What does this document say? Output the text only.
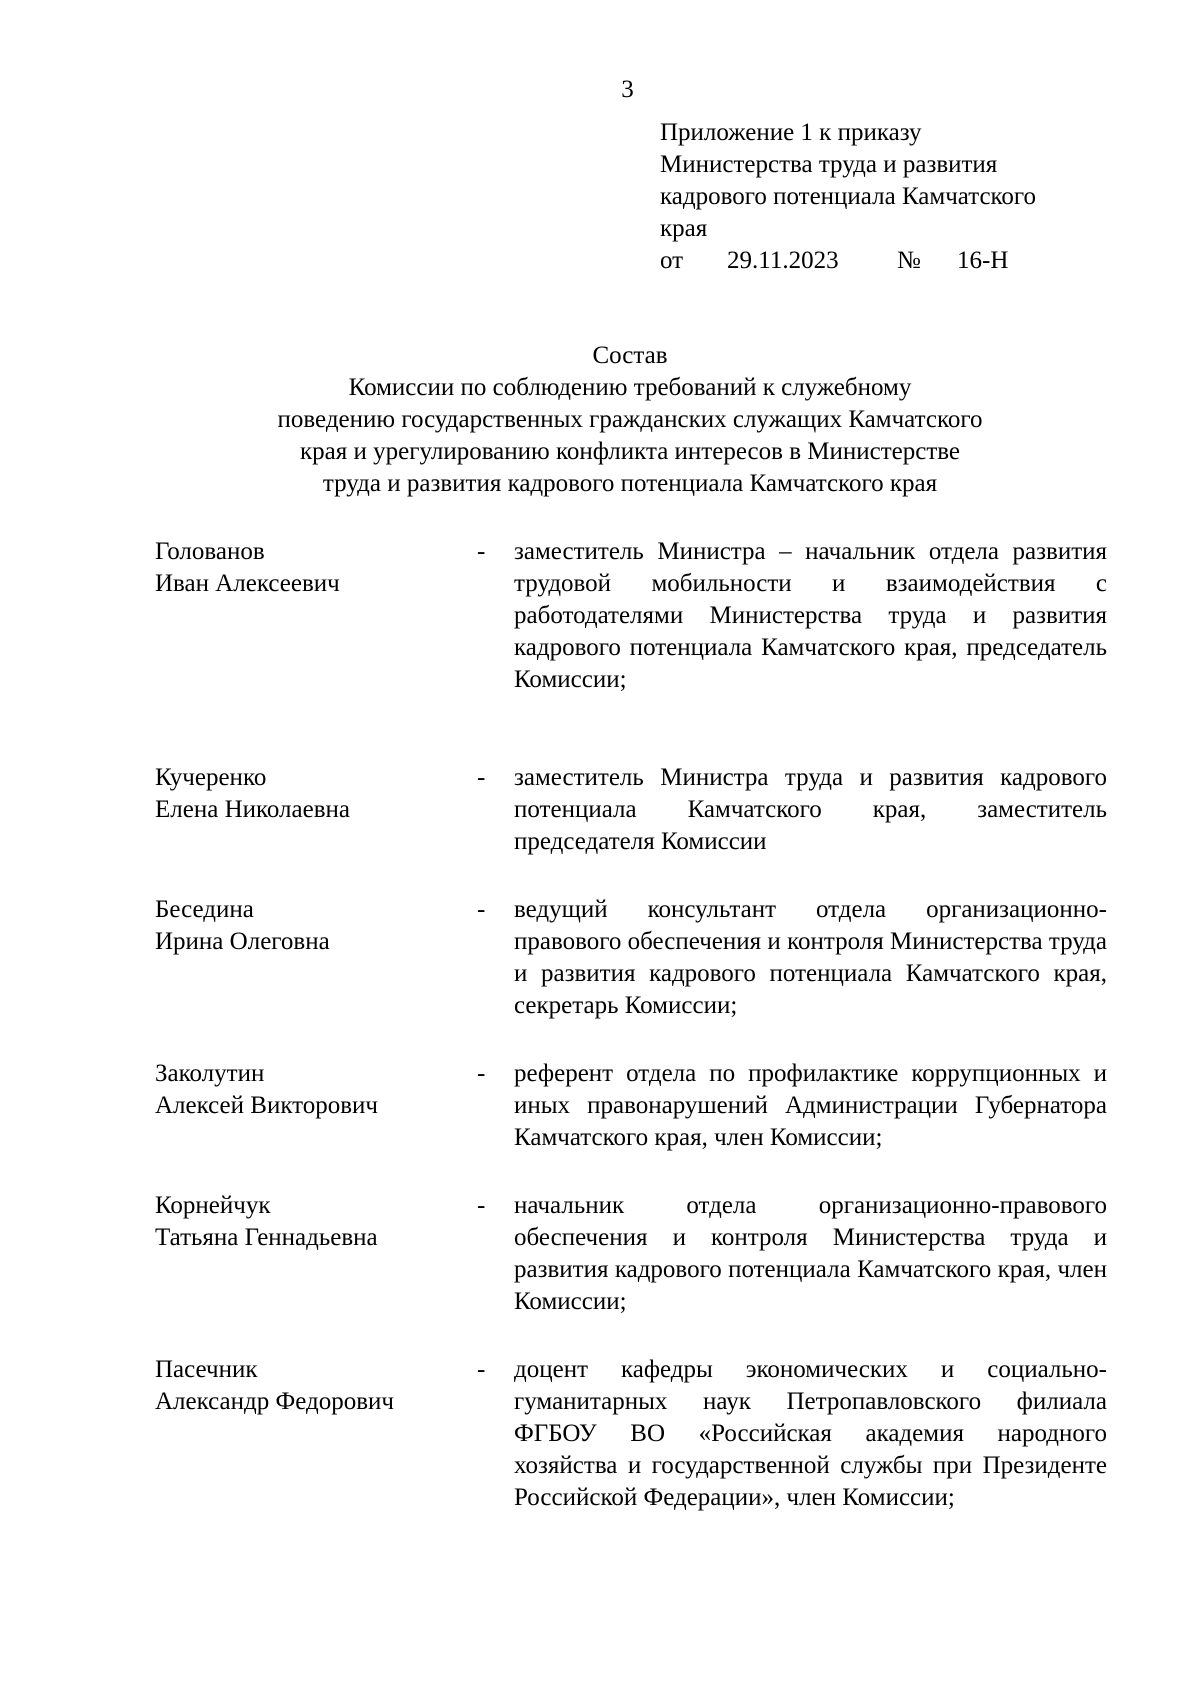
3
Приложение 1 к приказу
Министерства труда и развития
кадрового потенциала Камчатского
края
от	29.11.2023	№	16-Н
Состав
Комиссии по соблюдению требований к служебному
поведению государственных гражданских служащих Камчатского
края и урегулированию конфликта интересов в Министерстве
труда и развития кадрового потенциала Камчатского края
Голованов
Иван Алексеевич
-	заместитель Министра – начальник отдела развития трудовой мобильности и взаимодействия с работодателями Министерства труда и развития кадрового потенциала Камчатского края, председатель Комиссии;
Кучеренко
Елена Николаевна
-	заместитель Министра труда и развития кадрового потенциала Камчатского края, заместитель председателя Комиссии
Беседина
Ирина Олеговна
-	ведущий консультант отдела организационно-правового обеспечения и контроля Министерства труда и развития кадрового потенциала Камчатского края, секретарь Комиссии;
Заколутин
Алексей Викторович
-	референт отдела по профилактике коррупционных и иных правонарушений Администрации Губернатора Камчатского края, член Комиссии;
Корнейчук
Татьяна Геннадьевна
-	начальник отдела организационно-правового обеспечения и контроля Министерства труда и развития кадрового потенциала Камчатского края, член Комиссии;
Пасечник
Александр Федорович
-	доцент кафедры экономических и социально-гуманитарных наук Петропавловского филиала ФГБОУ ВО «Российская академия народного хозяйства и государственной службы при Президенте Российской Федерации», член Комиссии;
